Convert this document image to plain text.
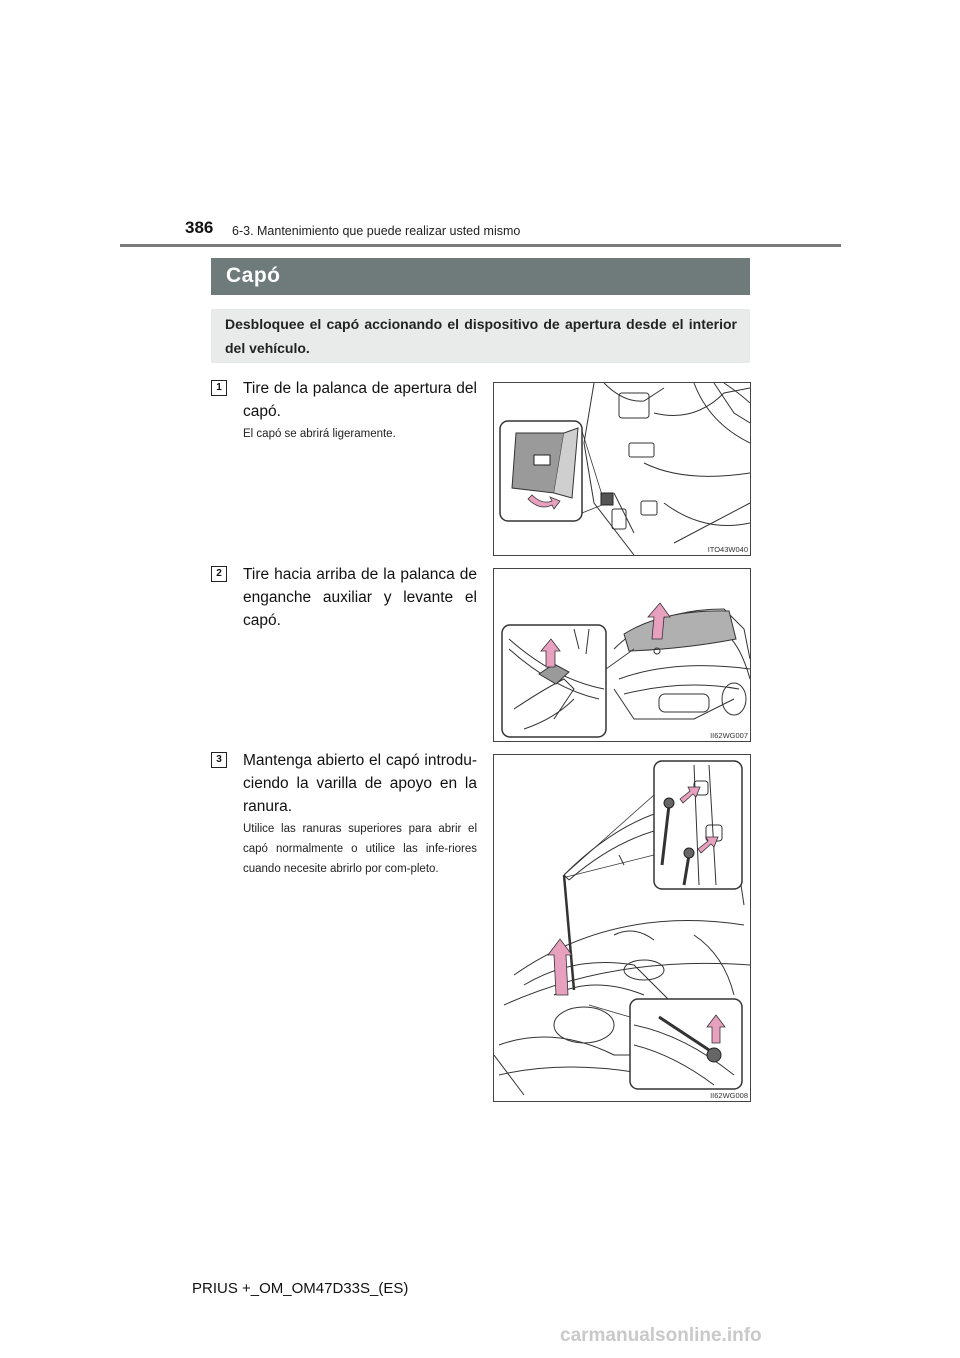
386 6-3. Mantenimiento que puede realizar usted mismo
Capó
Desbloquee el capó accionando el dispositivo de apertura desde el interior del vehículo.
1	Tire de la palanca de apertura del capó.
El capó se abrirá ligeramente.
ITO43W040
2	Tire hacia arriba de la palanca de enganche auxiliar y levante el capó.
II62WG007
3	Mantenga abierto el capó introdu-ciendo la varilla de apoyo en la ranura.
Utilice las ranuras superiores para abrir el capó normalmente o utilice las infe-riores cuando necesite abrirlo por com-pleto.
II62WG008
PRIUS +_OM_OM47D33S_(ES)
carmanualsonline.info
